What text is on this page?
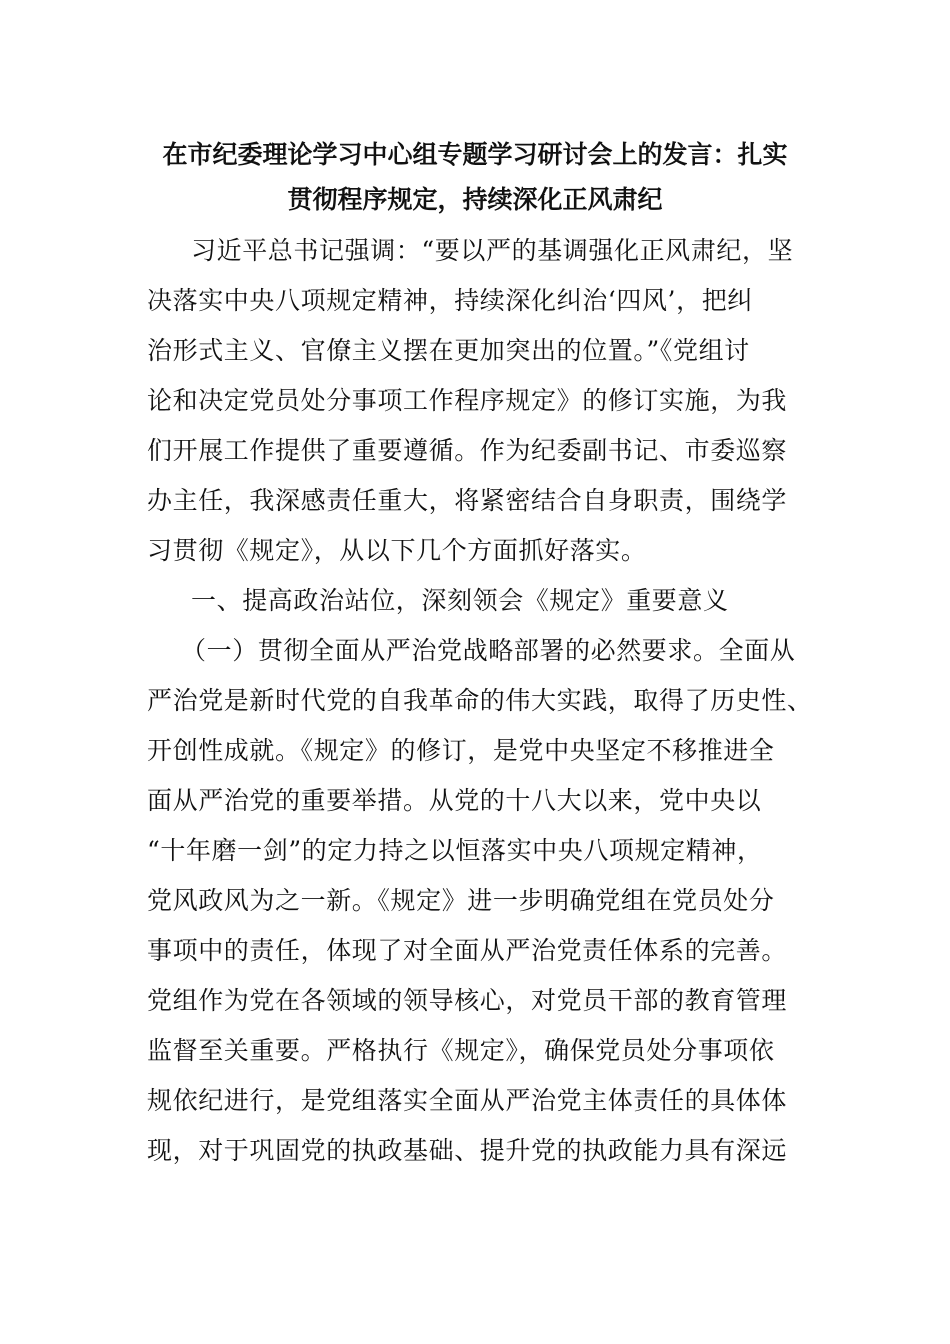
在市纪委理论学习中心组专题学习研讨会上的发言：扎实
贯彻程序规定，持续深化正风肃纪
习近平总书记强调：“要以严的基调强化正风肃纪，坚
决落实中央八项规定精神，持续深化纠治‘四风’，把纠
治形式主义、官僚主义摆在更加突出的位置。”《党组讨
论和决定党员处分事项工作程序规定》的修订实施，为我
们开展工作提供了重要遵循。作为纪委副书记、市委巡察
办主任，我深感责任重大，将紧密结合自身职责，围绕学
习贯彻《规定》，从以下几个方面抓好落实。
一、提高政治站位，深刻领会《规定》重要意义
（一）贯彻全面从严治党战略部署的必然要求。全面从
严治党是新时代党的自我革命的伟大实践，取得了历史性、
开创性成就。《规定》的修订，是党中央坚定不移推进全
面从严治党的重要举措。从党的十八大以来，党中央以
“十年磨一剑”的定力持之以恒落实中央八项规定精神，
党风政风为之一新。《规定》进一步明确党组在党员处分
事项中的责任，体现了对全面从严治党责任体系的完善。
党组作为党在各领域的领导核心，对党员干部的教育管理
监督至关重要。严格执行《规定》，确保党员处分事项依
规依纪进行，是党组落实全面从严治党主体责任的具体体
现，对于巩固党的执政基础、提升党的执政能力具有深远
